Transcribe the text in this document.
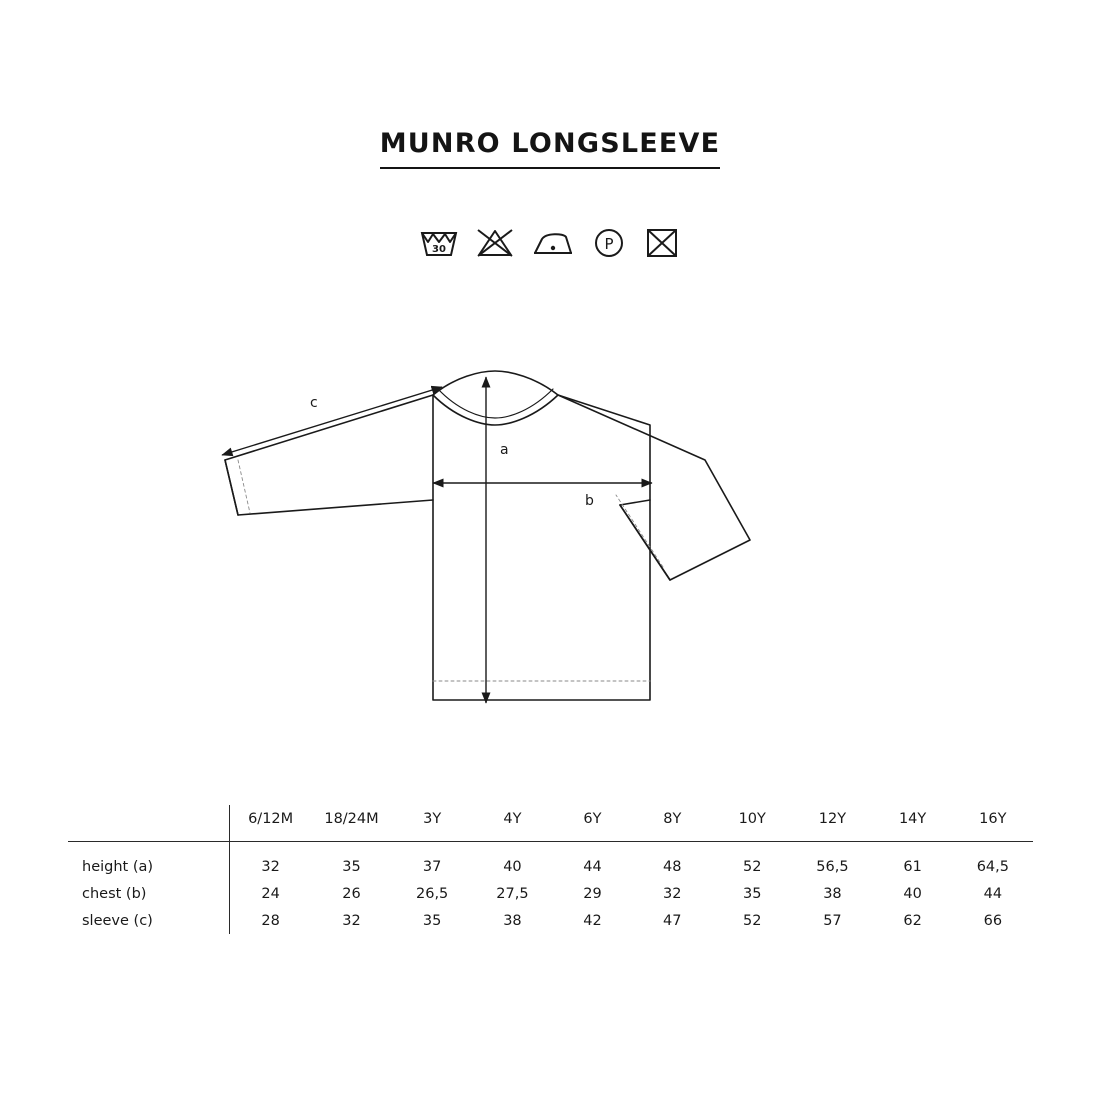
MUNRO LONGSLEEVE
30	P
a
b
c
	6/12M	18/24M	3Y	4Y	6Y	8Y	10Y	12Y	14Y	16Y
height (a)	32	35	37	40	44	48	52	56,5	61	64,5
chest (b)	24	26	26,5	27,5	29	32	35	38	40	44
sleeve (c)	28	32	35	38	42	47	52	57	62	66
